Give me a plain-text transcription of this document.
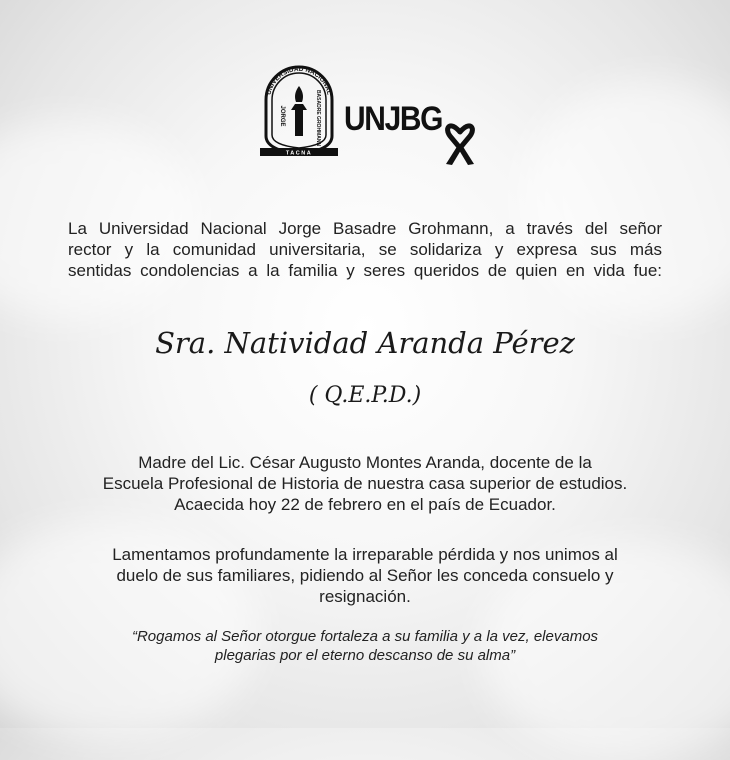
UNIVERSIDAD NACIONAL
JORGE	BASADRE GROHMANN
TACNA
UNJBG
La Universidad Nacional Jorge Basadre Grohmann, a través del señor
rector y la comunidad universitaria, se solidariza y expresa sus más
sentidas condolencias a la familia y seres queridos de quien en vida fue:
Sra. Natividad Aranda Pérez
( Q.E.P.D.)
Madre del Lic. César Augusto Montes Aranda, docente de la
Escuela Profesional de Historia de nuestra casa superior de estudios.
Acaecida hoy 22 de febrero en el país de Ecuador.
Lamentamos profundamente la irreparable pérdida y nos unimos al
duelo de sus familiares, pidiendo al Señor les conceda consuelo y
resignación.
“Rogamos al Señor otorgue fortaleza a su familia y a la vez, elevamos
plegarias por el eterno descanso de su alma”
